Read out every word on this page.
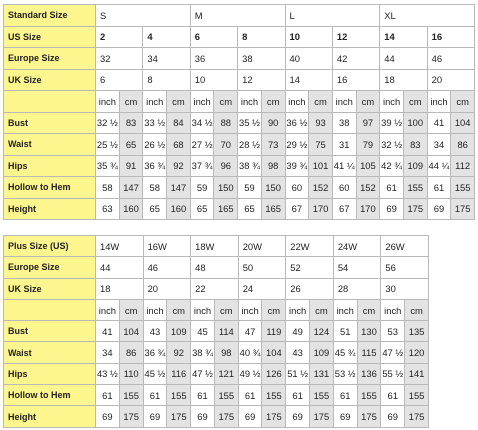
Standard Size	S				M				L				XL			
US Size	2		4		6		8		10		12		14		16	
Europe Size	32		34		36		38		40		42		44		46	
UK Size	6		8		10		12		14		16		18		20	
	inch	cm	inch	cm	inch	cm	inch	cm	inch	cm	inch	cm	inch	cm	inch	cm
Bust	32 ½	83	33 ½	84	34 ½	88	35 ½	90	36 ½	93	38	97	39 ½	100	41	104
Waist	25 ½	65	26 ½	68	27 ½	70	28 ½	73	29 ½	75	31	79	32 ½	83	34	86
Hips	35 ¾	91	36 ¾	92	37 ¾	96	38 ¾	98	39 ¾	101	41 ¼	105	42 ¾	109	44 ¼	112
Hollow to Hem	58	147	58	147	59	150	59	150	60	152	60	152	61	155	61	155
Height	63	160	65	160	65	165	65	165	67	170	67	170	69	175	69	175
Plus Size (US)	14W		16W		18W		20W		22W		24W		26W	
Europe Size	44		46		48		50		52		54		56	
UK Size	18		20		22		24		26		28		30	
	inch	cm	inch	cm	inch	cm	inch	cm	inch	cm	inch	cm	inch	cm
Bust	41	104	43	109	45	114	47	119	49	124	51	130	53	135
Waist	34	86	36 ¾	92	38 ¾	98	40 ¾	104	43	109	45 ¾	115	47 ½	120
Hips	43 ½	110	45 ½	116	47 ½	121	49 ½	126	51 ½	131	53 ½	136	55 ½	141
Hollow to Hem	61	155	61	155	61	155	61	155	61	155	61	155	61	155
Height	69	175	69	175	69	175	69	175	69	175	69	175	69	175
